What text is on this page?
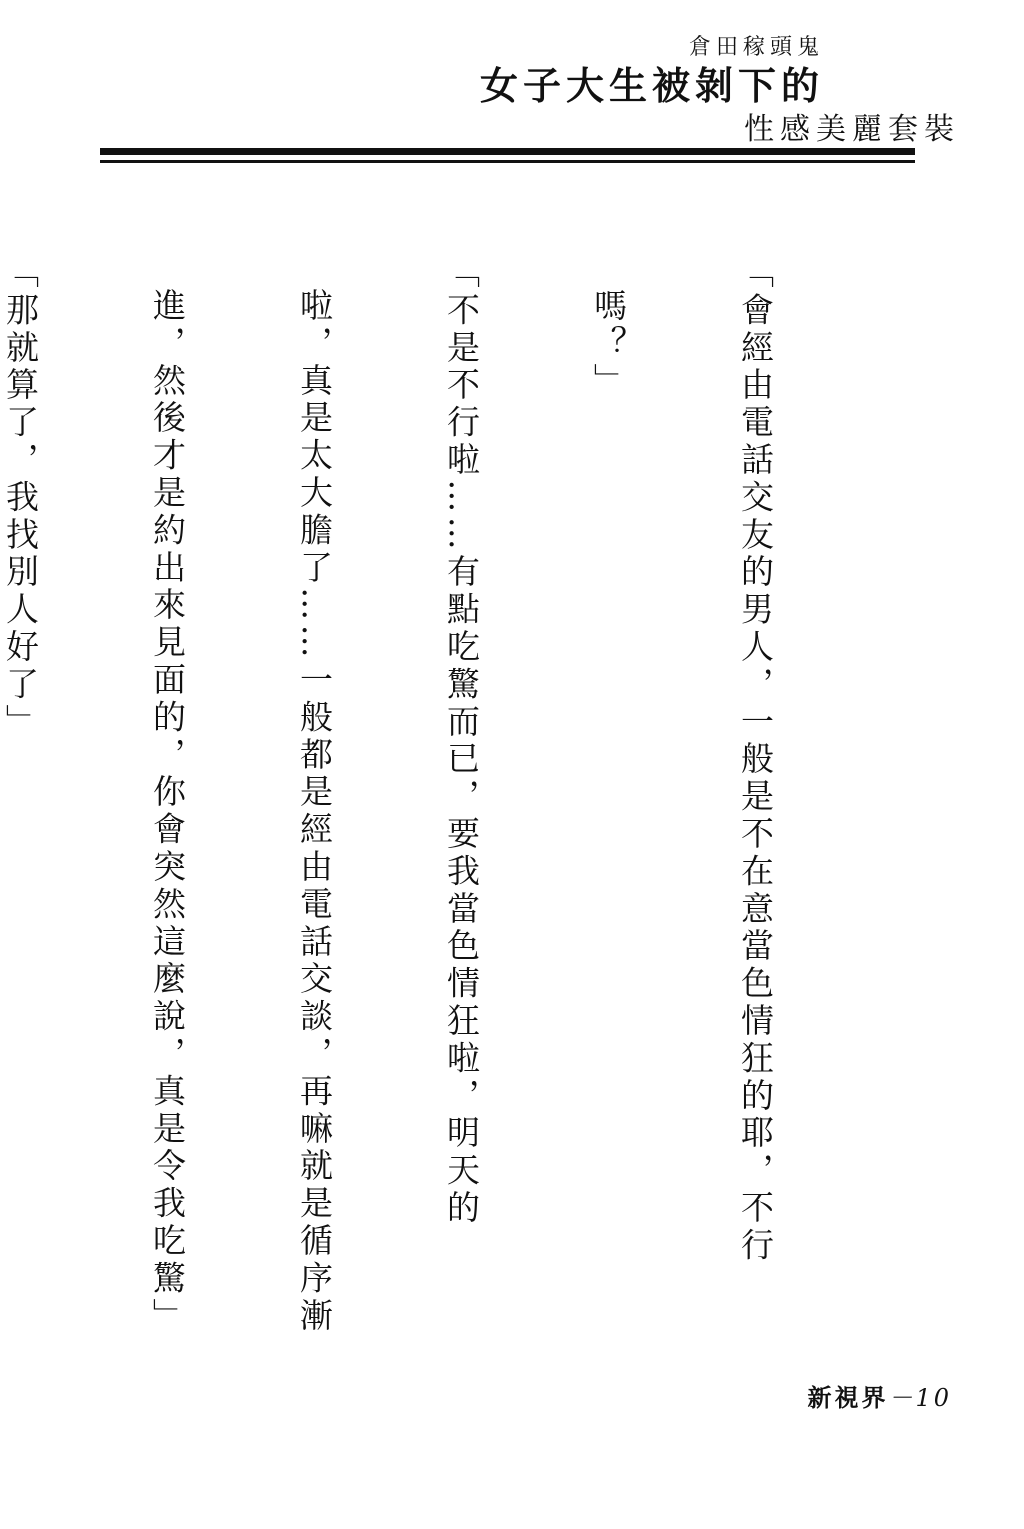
倉田稼頭鬼
女子大生被剝下的
性感美麗套裝

「會經由電話交友的男人，一般是不在意當色情狂的耶，不行

嗎？」

「不是不行啦……有點吃驚而已，要我當色情狂啦，明天的

啦，真是太大膽了……一般都是經由電話交談，再嘛就是循序漸

進，然後才是約出來見面的，你會突然這麼說，真是令我吃驚」

「那就算了，我找別人好了」

新視界－10
